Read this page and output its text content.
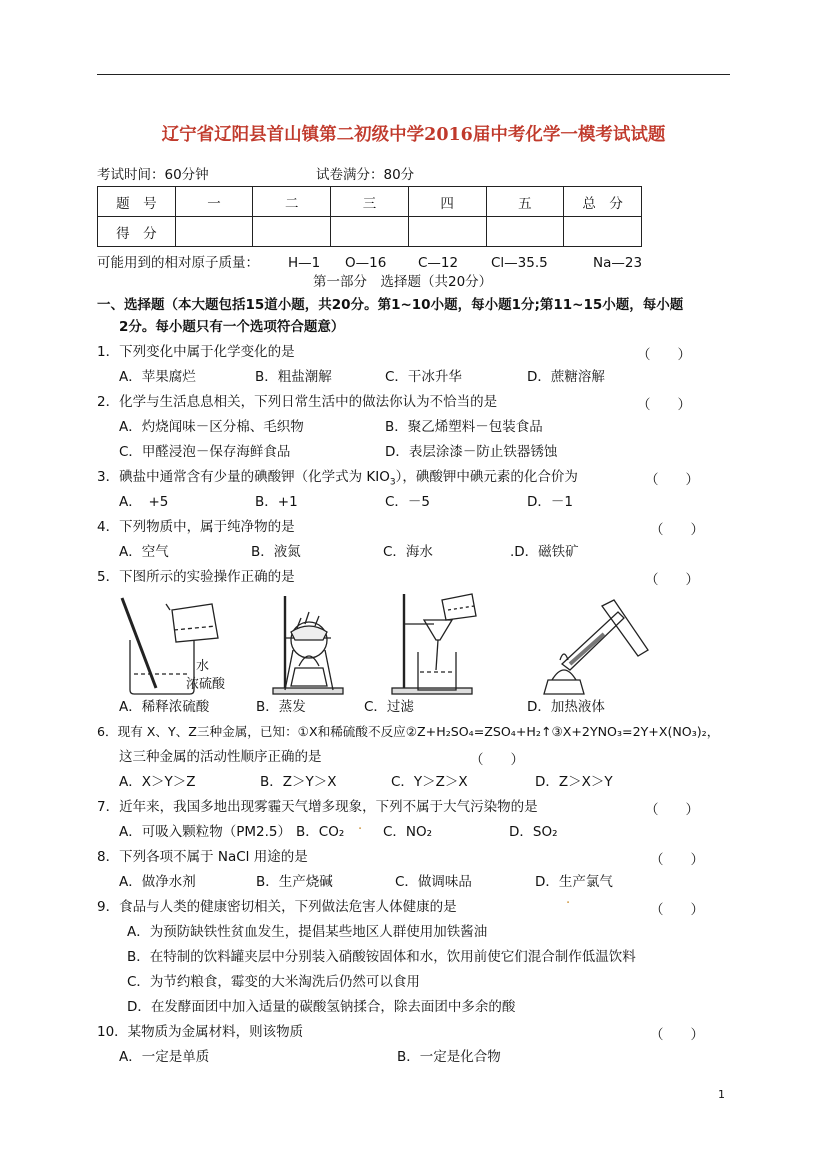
辽宁省辽阳县首山镇第二初级中学2016届中考化学一模考试试题
考试时间：60分钟	试卷满分：80分
题　号	一	二	三	四	五	总　分
得　分						
可能用到的相对原子质量： H—1 O—16 C—12 Cl—35.5	Na—23
第一部分　选择题（共20分）
一、选择题（本大题包括15道小题，共20分。第1~10小题，每小题1分;第11~15小题，每小题
2分。每小题只有一个选项符合题意）
1．下列变化中属于化学变化的是	（　　）
A．苹果腐烂	B．粗盐潮解	C．干冰升华	D．蔗糖溶解
2．化学与生活息息相关，下列日常生活中的做法你认为不恰当的是	（　　）
A．灼烧闻味－区分棉、毛织物	B．聚乙烯塑料－包装食品
C．甲醛浸泡－保存海鲜食品	D．表层涂漆－防止铁器锈蚀
3．碘盐中通常含有少量的碘酸钾（化学式为 $KIO_3$），碘酸钾中碘元素的化合价为	（　　）
A．　+5	B．+1	C．－5	D．－1
4．下列物质中，属于纯净物的是	（　　）
A．空气	B．液氮	C．海水	.D．磁铁矿
5．下图所示的实验操作正确的是	（　　）
水
浓硫酸
A．稀释浓硫酸	B．蒸发	C．过滤	D．加热液体
6．现有 X、Y、Z三种金属，已知：①X和稀硫酸不反应②Z+H₂SO₄=ZSO₄+H₂↑③X+2YNO₃=2Y+X(NO₃)₂，
这三种金属的活动性顺序正确的是	（　　）
A．X＞Y＞Z	B．Z＞Y＞X	C．Y＞Z＞X	D．Z＞X＞Y
7．近年来，我国多地出现雾霾天气增多现象，下列不属于大气污染物的是	（　　）
A．可吸入颗粒物（PM2.5） B．CO₂ · C．NO₂	D．SO₂
8．下列各项不属于 NaCl 用途的是	（　　）
A．做净水剂	B．生产烧碱	C．做调味品	D．生产氯气
9．食品与人类的健康密切相关，下列做法危害人体健康的是	·	（　　）
A．为预防缺铁性贫血发生，提倡某些地区人群使用加铁酱油
B．在特制的饮料罐夹层中分别装入硝酸铵固体和水，饮用前使它们混合制作低温饮料
C．为节约粮食，霉变的大米淘洗后仍然可以食用
D．在发酵面团中加入适量的碳酸氢钠揉合，除去面团中多余的酸
10．某物质为金属材料，则该物质	（　　）
A．一定是单质	B．一定是化合物
1
